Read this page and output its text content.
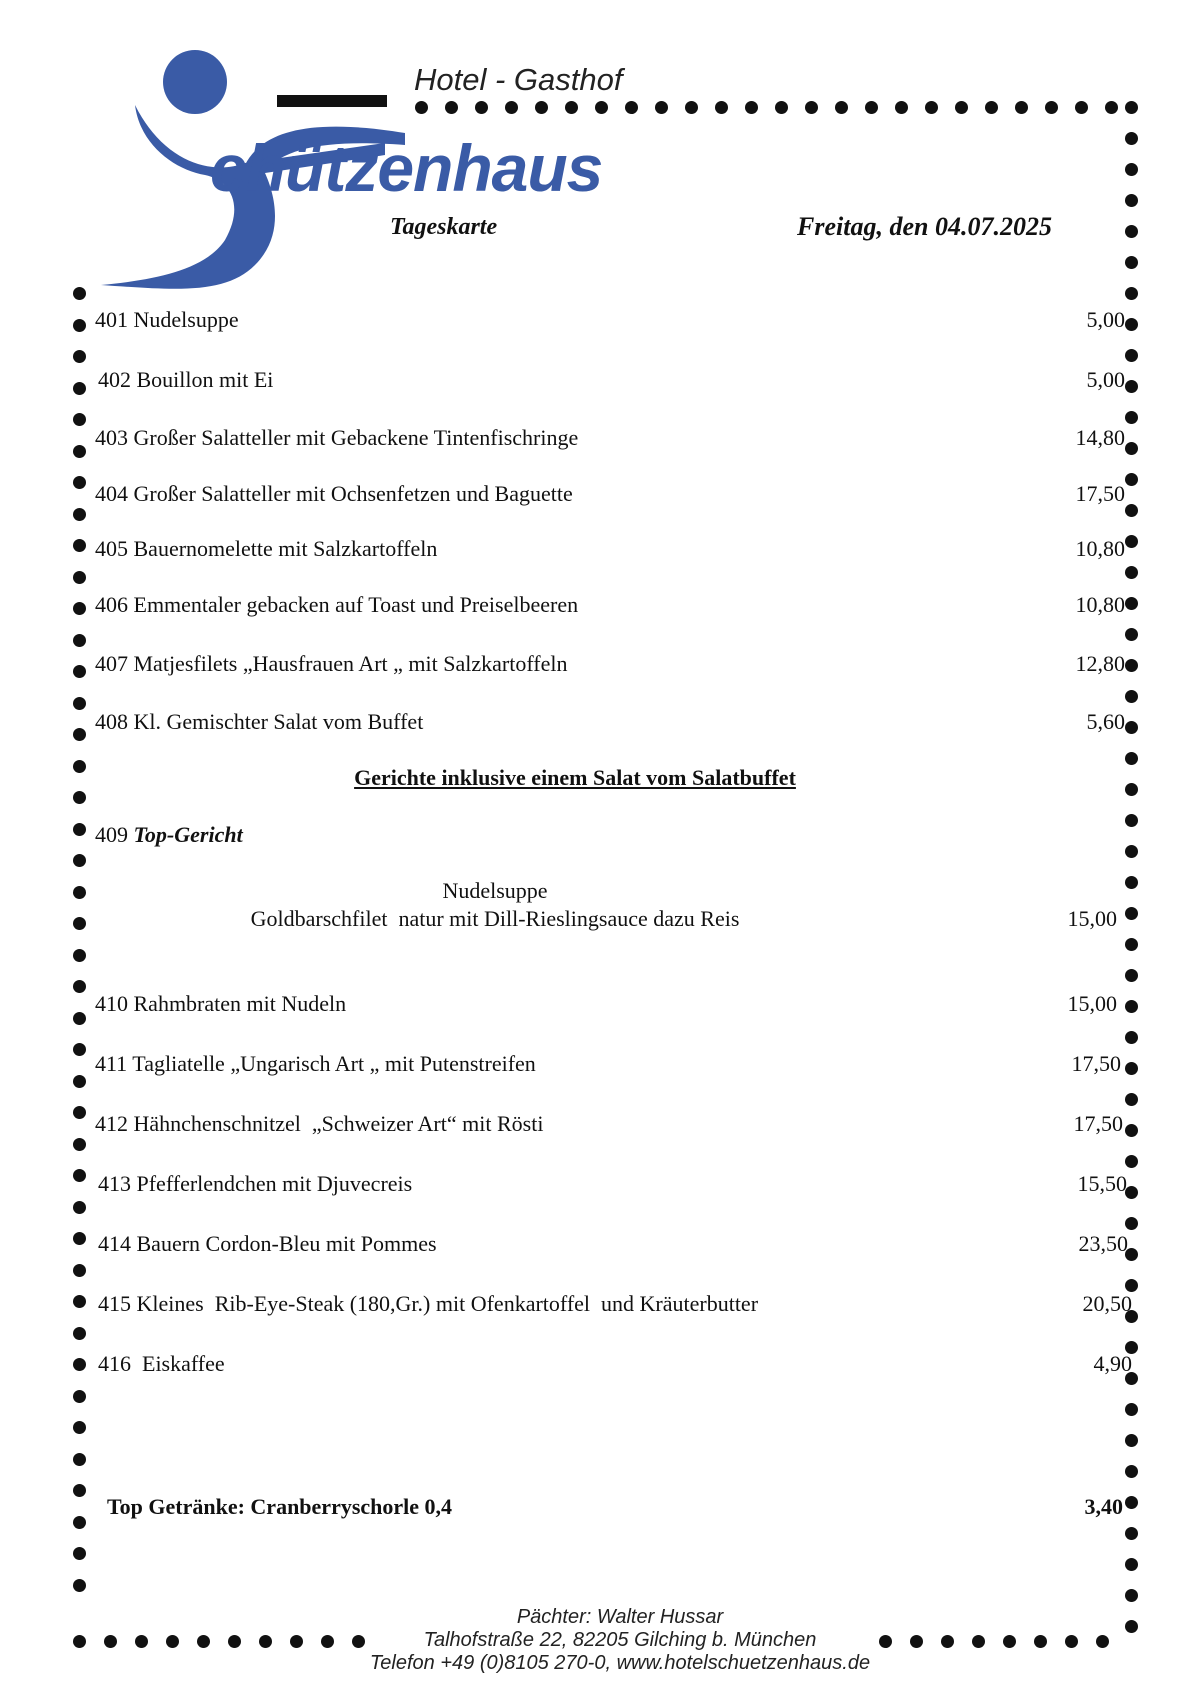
Hotel - Gasthof
chützenhaus
Tageskarte	Freitag, den 04.07.2025
401 Nudelsuppe	5,00
402 Bouillon mit Ei	5,00
403 Großer Salatteller mit Gebackene Tintenfischringe	14,80
404 Großer Salatteller mit Ochsenfetzen und Baguette	17,50
405 Bauernomelette mit Salzkartoffeln	10,80
406 Emmentaler gebacken auf Toast und Preiselbeeren	10,80
407 Matjesfilets „Hausfrauen Art „ mit Salzkartoffeln	12,80
408 Kl. Gemischter Salat vom Buffet	5,60
Gerichte inklusive einem Salat vom Salatbuffet
409 Top-Gericht
Nudelsuppe
Goldbarschfilet  natur mit Dill-Rieslingsauce dazu Reis	15,00
410 Rahmbraten mit Nudeln	15,00
411 Tagliatelle „Ungarisch Art „ mit Putenstreifen	17,50
412 Hähnchenschnitzel  „Schweizer Art“ mit Rösti	17,50
413 Pfefferlendchen mit Djuvecreis	15,50
414 Bauern Cordon-Bleu mit Pommes	23,50
415 Kleines  Rib-Eye-Steak (180,Gr.) mit Ofenkartoffel  und Kräuterbutter	20,50
416  Eiskaffee	4,90
Top Getränke: Cranberryschorle 0,4	3,40
Pächter: Walter Hussar
Talhofstraße 22, 82205 Gilching b. München
Telefon +49 (0)8105 270-0, www.hotelschuetzenhaus.de
